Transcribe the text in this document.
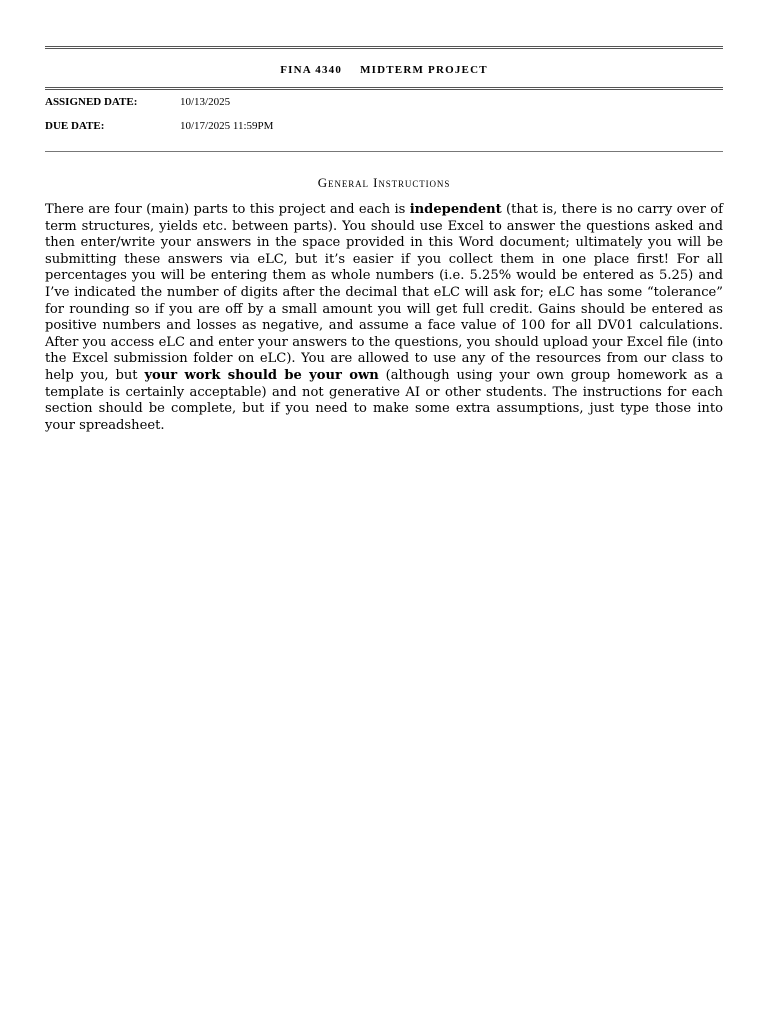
FINA 4340 MIDTERM PROJECT
ASSIGNED DATE:	10/13/2025
DUE DATE:	10/17/2025 11:59PM
General Instructions

There are four (main) parts to this project and each is independent (that is, there is no carry over of term structures, yields etc. between parts). You should use Excel to answer the questions asked and then enter/write your answers in the space provided in this Word document; ultimately you will be submitting these answers via eLC, but it’s easier if you collect them in one place first! For all percentages you will be entering them as whole numbers (i.e. 5.25% would be entered as 5.25) and I’ve indicated the number of digits after the decimal that eLC will ask for; eLC has some “tolerance” for rounding so if you are off by a small amount you will get full credit. Gains should be entered as positive numbers and losses as negative, and assume a face value of 100 for all DV01 calculations. After you access eLC and enter your answers to the questions, you should upload your Excel file (into the Excel submission folder on eLC). You are allowed to use any of the resources from our class to help you, but your work should be your own (although using your own group homework as a template is certainly acceptable) and not generative AI or other students. The instructions for each section should be complete, but if you need to make some extra assumptions, just type those into your spreadsheet.
